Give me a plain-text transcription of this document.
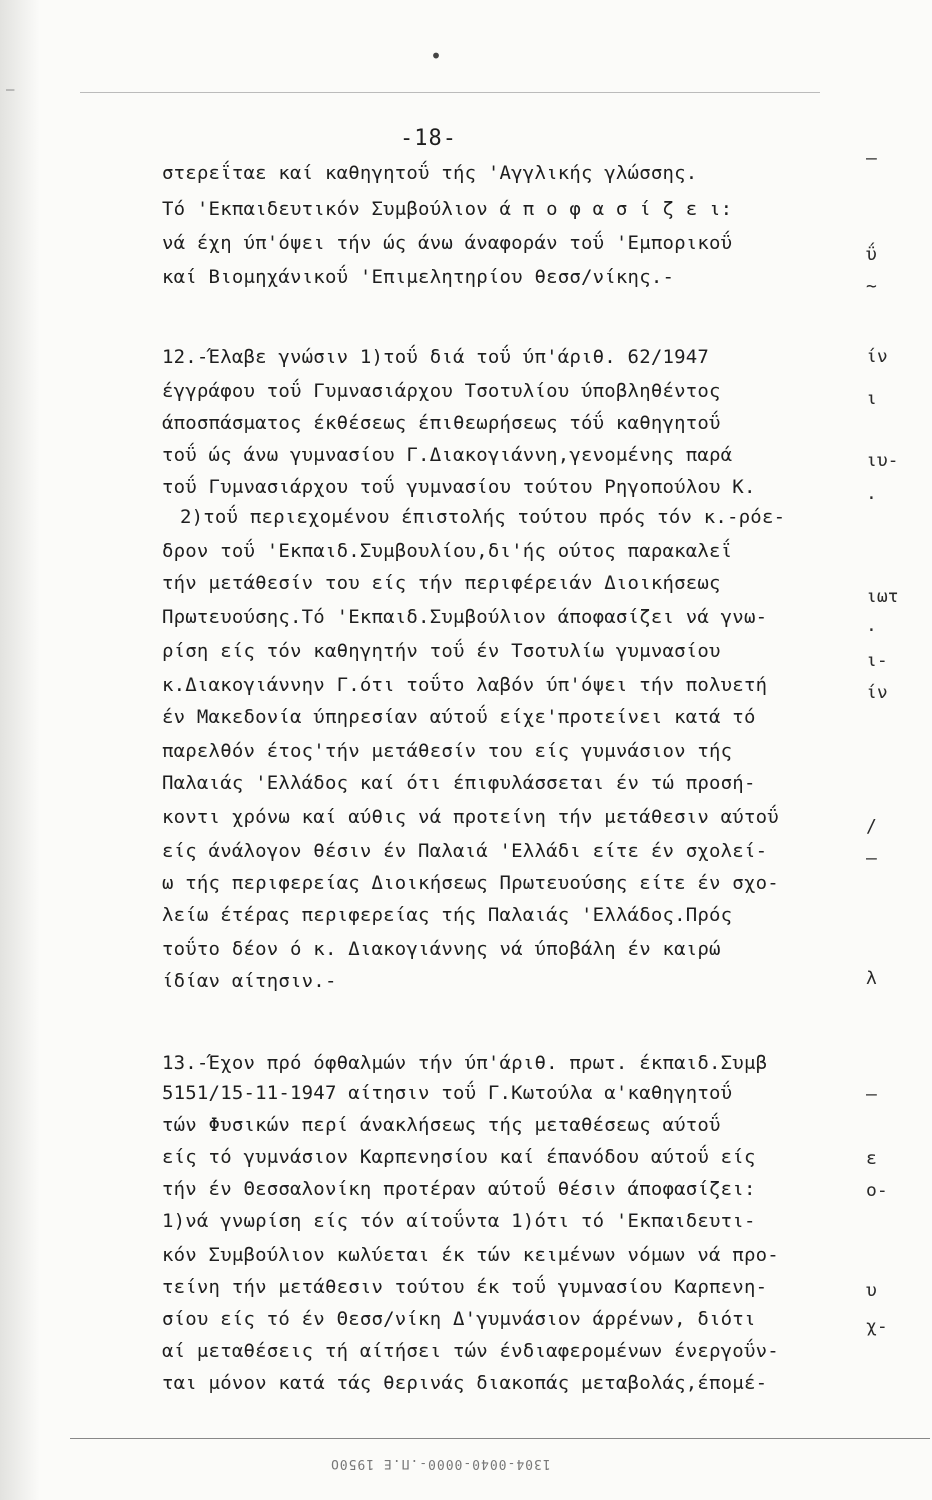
—
•
-18-
στερεΐταε καί καθηγητοΰ τής 'Αγγλικής γλώσσης.
Τό 'Εκπαιδευτικόν Συμβούλιον ά π ο φ α σ ί ζ ε ι:
νά έχη ύπ'όψει τήν ώς άνω άναφοράν τοΰ 'Εμπορικοΰ
καί Βιομηχάνικοΰ 'Επιμελητηρίου θεσσ/νίκης.-
12.-Έλαβε γνώσιν 1)τοΰ διά τοΰ ύπ'άριθ. 62/1947
έγγράφου τοΰ Γυμνασιάρχου Τσοτυλίου ύποβληθέντος
άποσπάσματος έκθέσεως έπιθεωρήσεως τόΰ καθηγητοΰ
τοΰ ώς άνω γυμνασίου Γ.Διακογιάννη,γενομένης παρά
τοΰ Γυμνασιάρχου τοΰ γυμνασίου τούτου Ρηγοπούλου Κ.
2)τοΰ περιεχομένου έπιστολής τούτου πρός τόν κ.-ρόε-
δρον τοΰ 'Εκπαιδ.Συμβουλίου,δι'ής ούτος παρακαλεΐ
τήν μετάθεσίν του είς τήν περιφέρειάν Διοικήσεως
Πρωτευούσης.Τό 'Εκπαιδ.Συμβούλιον άποφασίζει νά γνω-
ρίση είς τόν καθηγητήν τοΰ έν Τσοτυλίω γυμνασίου
κ.Διακογιάννην Γ.ότι τοΰτο λαβόν ύπ'όψει τήν πολυετή
έν Μακεδονία ύπηρεσίαν αύτοΰ είχε'προτείνει κατά τό
παρελθόν έτος'τήν μετάθεσίν του είς γυμνάσιον τής
Παλαιάς 'Ελλάδος καί ότι έπιφυλάσσεται έν τώ προσή-
κοντι χρόνω καί αύθις νά προτείνη τήν μετάθεσιν αύτοΰ
είς άνάλογον θέσιν έν Παλαιά 'Ελλάδι είτε έν σχολεί-
ω τής περιφερείας Διοικήσεως Πρωτευούσης είτε έν σχο-
λείω έτέρας περιφερείας τής Παλαιάς 'Ελλάδος.Πρός
τοΰτο δέον ό κ. Διακογιάννης νά ύποβάλη έν καιρώ
ίδίαν αίτησιν.-
13.-Έχον πρό όφθαλμών τήν ύπ'άριθ. πρωτ. έκπαιδ.Συμβ
5151/15-11-1947 αίτησιν τοΰ Γ.Κωτούλα α'καθηγητοΰ
τών Φυσικών περί άνακλήσεως τής μεταθέσεως αύτοΰ
είς τό γυμνάσιον Καρπενησίου καί έπανόδου αύτοΰ είς
τήν έν Θεσσαλονίκη προτέραν αύτοΰ θέσιν άποφασίζει:
1)νά γνωρίση είς τόν αίτοΰντα 1)ότι τό 'Εκπαιδευτι-
κόν Συμβούλιον κωλύεται έκ τών κειμένων νόμων νά προ-
τείνη τήν μετάθεσιν τούτου έκ τοΰ γυμνασίου Καρπενη-
σίου είς τό έν Θεσσ/νίκη Δ'γυμνάσιον άρρένων, διότι
αί μεταθέσεις τή αίτήσει τών ένδιαφερομένων ένεργοΰν-
ται μόνον κατά τάς θερινάς διακοπάς μεταβολάς,έπομέ-
—
ΰ
~
ίν
ι
ιυ-
·
ιωτ
·
ι-
ίν
/
—
λ
—
ε
ο-
υ
χ-
1304-0040-0000-.Π.Ε 1950Ο
